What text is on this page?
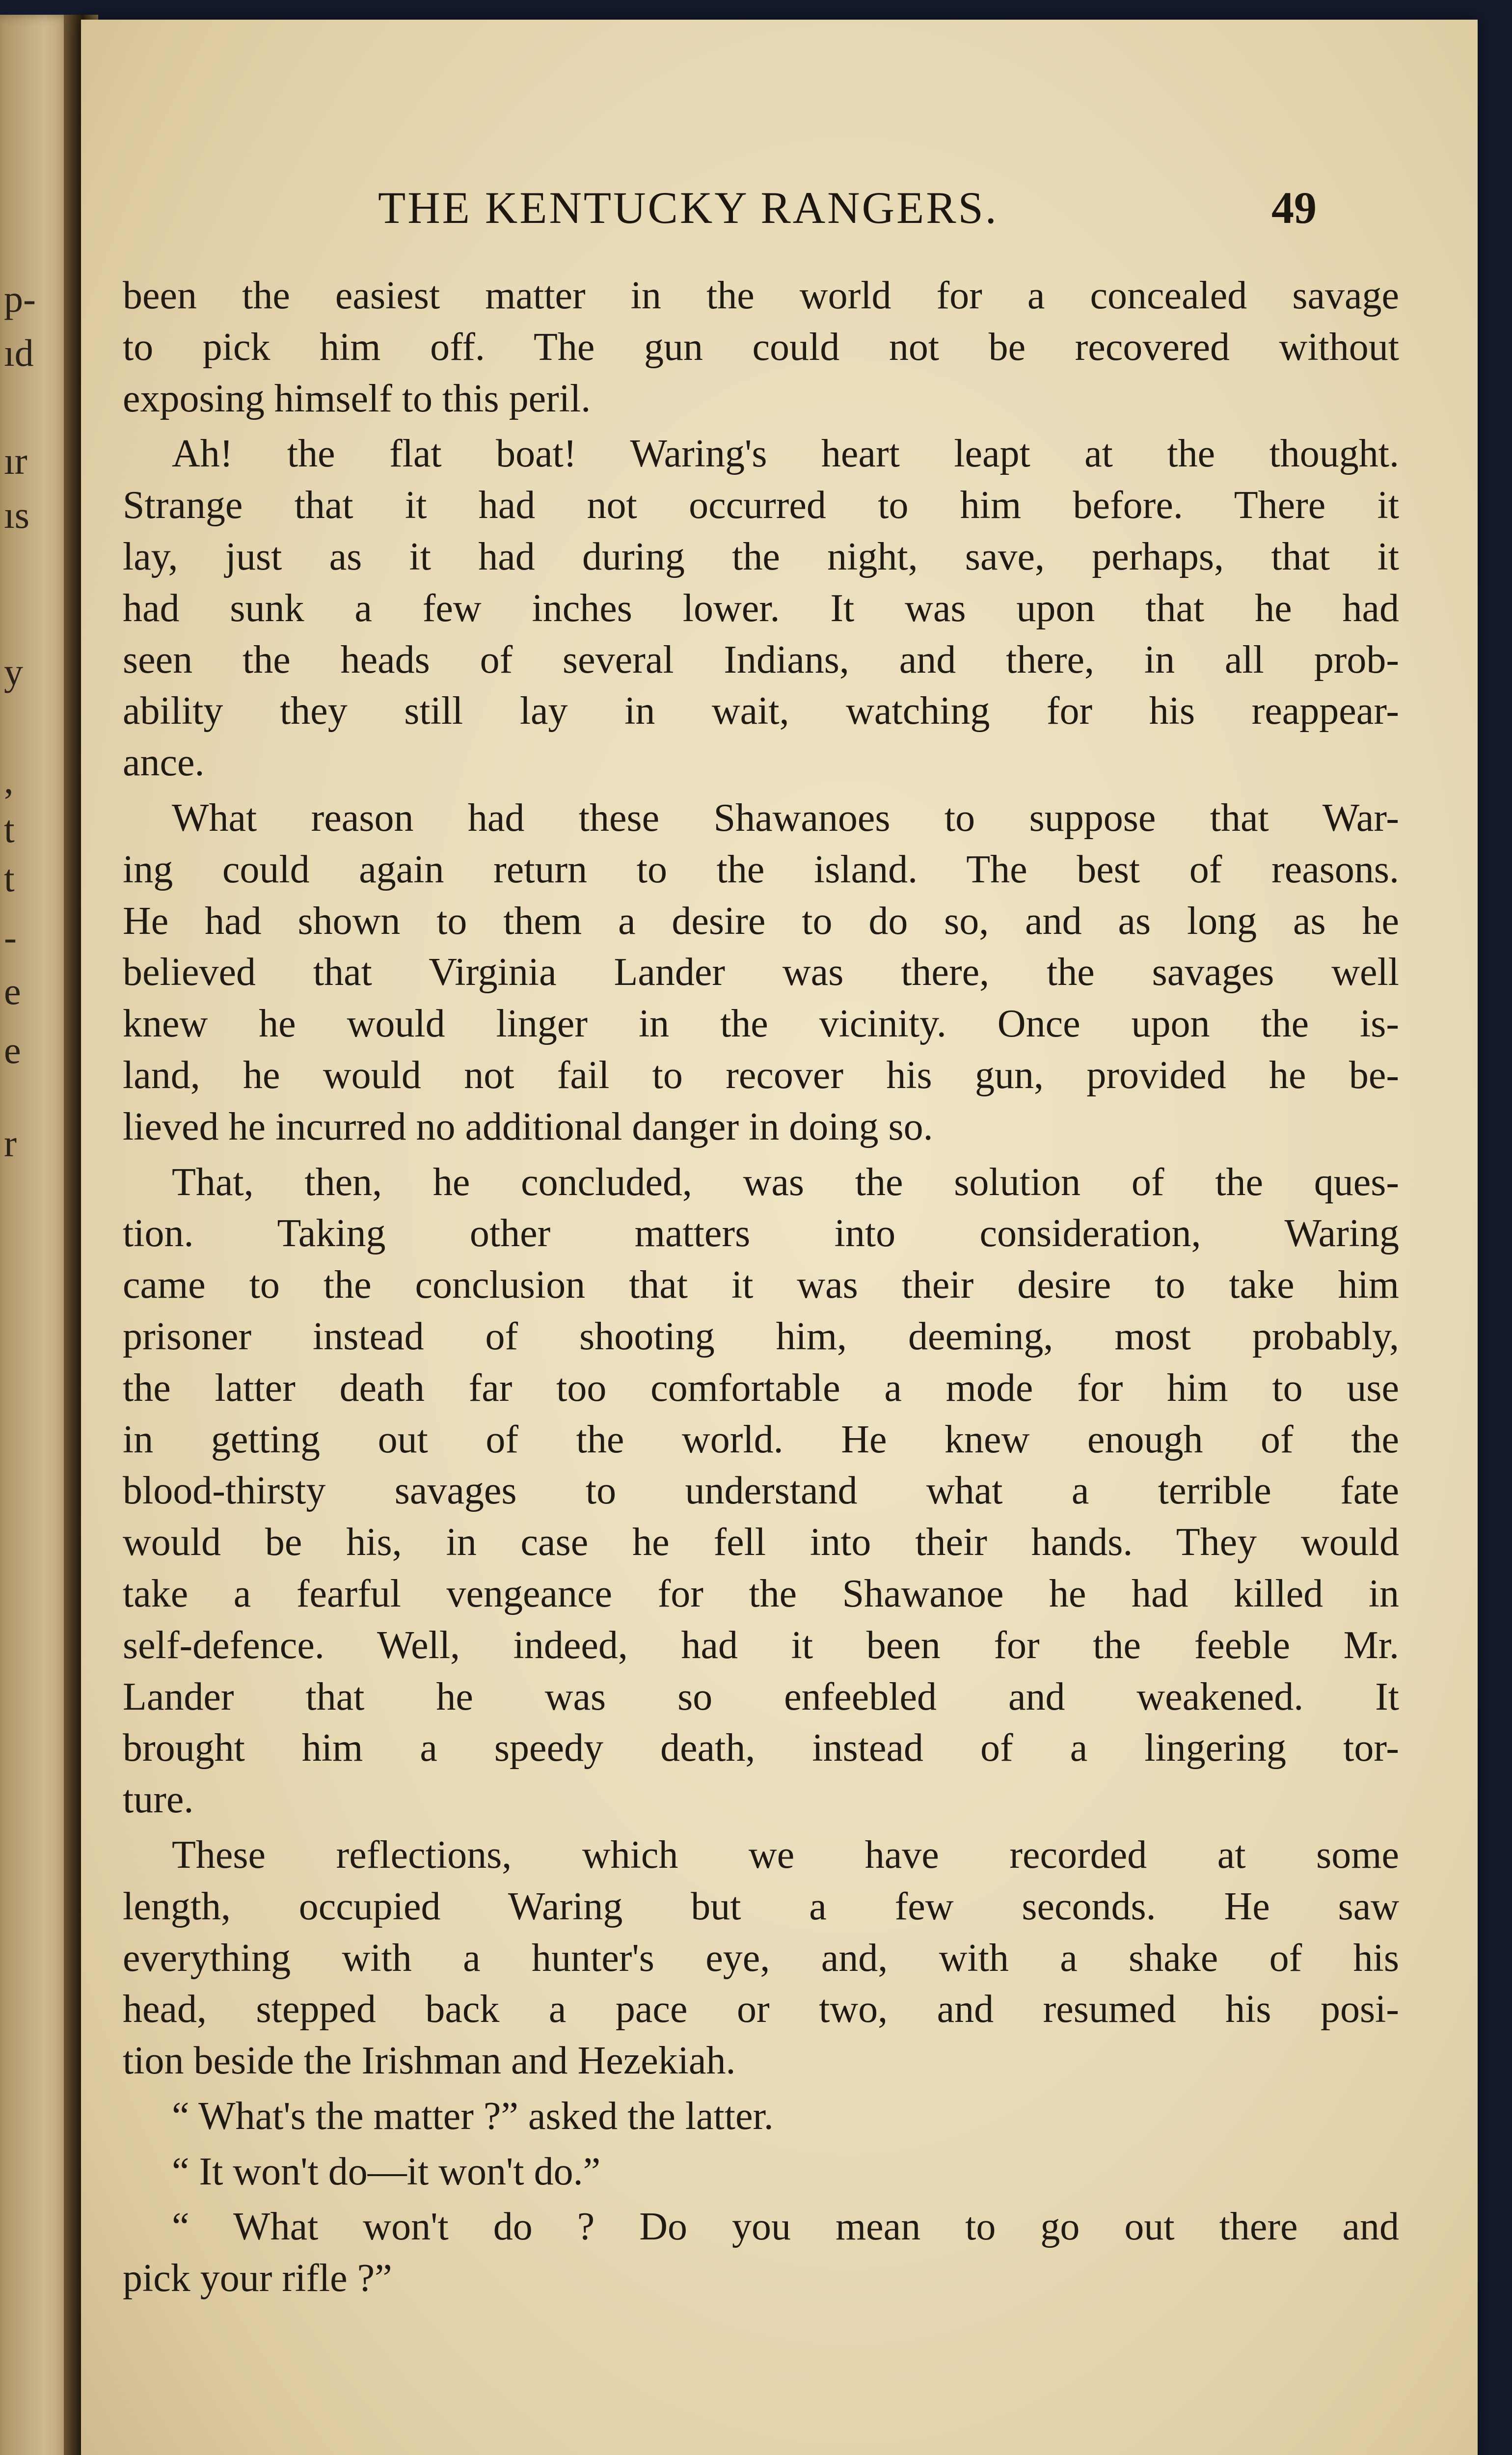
p-
ıd
ır
ıs
y
,
t
t
-
e
e
r
THE KENTUCKY RANGERS.	49
been the easiest matter in the world for a concealed savage
to pick him off. The gun could not be recovered without
exposing himself to this peril.
Ah! the flat boat! Waring's heart leapt at the thought.
Strange that it had not occurred to him before. There it
lay, just as it had during the night, save, perhaps, that it
had sunk a few inches lower. It was upon that he had
seen the heads of several Indians, and there, in all prob-
ability they still lay in wait, watching for his reappear-
ance.
What reason had these Shawanoes to suppose that War-
ing could again return to the island. The best of reasons.
He had shown to them a desire to do so, and as long as he
believed that Virginia Lander was there, the savages well
knew he would linger in the vicinity. Once upon the is-
land, he would not fail to recover his gun, provided he be-
lieved he incurred no additional danger in doing so.
That, then, he concluded, was the solution of the ques-
tion. Taking other matters into consideration, Waring
came to the conclusion that it was their desire to take him
prisoner instead of shooting him, deeming, most probably,
the latter death far too comfortable a mode for him to use
in getting out of the world. He knew enough of the
blood-thirsty savages to understand what a terrible fate
would be his, in case he fell into their hands. They would
take a fearful vengeance for the Shawanoe he had killed in
self-defence. Well, indeed, had it been for the feeble Mr.
Lander that he was so enfeebled and weakened. It
brought him a speedy death, instead of a lingering tor-
ture.
These reflections, which we have recorded at some
length, occupied Waring but a few seconds. He saw
everything with a hunter's eye, and, with a shake of his
head, stepped back a pace or two, and resumed his posi-
tion beside the Irishman and Hezekiah.
“ What's the matter ?” asked the latter.
“ It won't do—it won't do.”
“ What won't do ? Do you mean to go out there and
pick your rifle ?”
